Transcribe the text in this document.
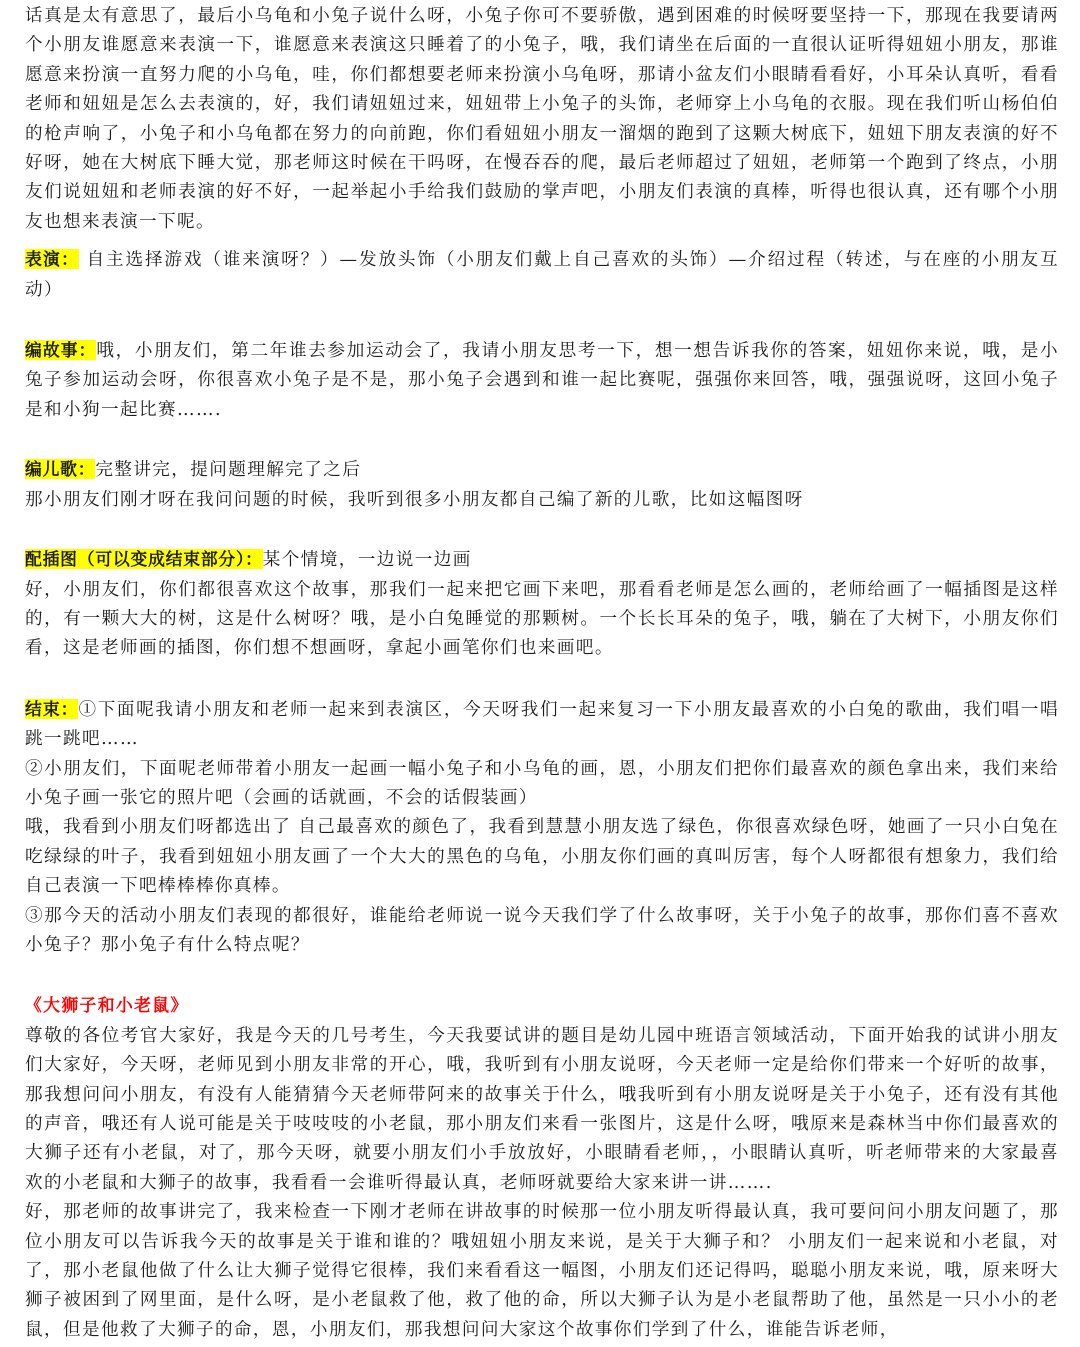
话真是太有意思了，最后小乌龟和小兔子说什么呀，小兔子你可不要骄傲，遇到困难的时候呀要坚持一下，那现在我要请两个小朋友谁愿意来表演一下，谁愿意来表演这只睡着了的小兔子，哦，我们请坐在后面的一直很认证听得妞妞小朋友，那谁愿意来扮演一直努力爬的小乌龟，哇，你们都想要老师来扮演小乌龟呀，那请小盆友们小眼睛看看好，小耳朵认真听，看看老师和妞妞是怎么去表演的，好，我们请妞妞过来，妞妞带上小兔子的头饰，老师穿上小乌龟的衣服。现在我们听山杨伯伯的枪声响了，小兔子和小乌龟都在努力的向前跑，你们看妞妞小朋友一溜烟的跑到了这颗大树底下，妞妞下朋友表演的好不好呀，她在大树底下睡大觉，那老师这时候在干吗呀，在慢吞吞的爬，最后老师超过了妞妞，老师第一个跑到了终点，小朋友们说妞妞和老师表演的好不好，一起举起小手给我们鼓励的掌声吧，小朋友们表演的真棒，听得也很认真，还有哪个小朋友也想来表演一下呢。

表演： 自主选择游戏（谁来演呀？）—发放头饰（小朋友们戴上自己喜欢的头饰）—介绍过程（转述，与在座的小朋友互动）

编故事：哦，小朋友们，第二年谁去参加运动会了，我请小朋友思考一下，想一想告诉我你的答案，妞妞你来说，哦，是小兔子参加运动会呀，你很喜欢小兔子是不是，那小兔子会遇到和谁一起比赛呢，强强你来回答，哦，强强说呀，这回小兔子是和小狗一起比赛…….

编儿歌：完整讲完，提问题理解完了之后

那小朋友们刚才呀在我问问题的时候，我听到很多小朋友都自己编了新的儿歌，比如这幅图呀

配插图（可以变成结束部分）：某个情境，一边说一边画

好，小朋友们，你们都很喜欢这个故事，那我们一起来把它画下来吧，那看看老师是怎么画的，老师给画了一幅插图是这样的，有一颗大大的树，这是什么树呀？哦，是小白兔睡觉的那颗树。一个长长耳朵的兔子，哦，躺在了大树下，小朋友你们看，这是老师画的插图，你们想不想画呀，拿起小画笔你们也来画吧。

结束：①下面呢我请小朋友和老师一起来到表演区，今天呀我们一起来复习一下小朋友最喜欢的小白兔的歌曲，我们唱一唱跳一跳吧……

②小朋友们，下面呢老师带着小朋友一起画一幅小兔子和小乌龟的画，恩，小朋友们把你们最喜欢的颜色拿出来，我们来给小兔子画一张它的照片吧（会画的话就画，不会的话假装画）

哦，我看到小朋友们呀都选出了 自己最喜欢的颜色了，我看到慧慧小朋友选了绿色，你很喜欢绿色呀，她画了一只小白兔在吃绿绿的叶子，我看到妞妞小朋友画了一个大大的黑色的乌龟，小朋友你们画的真叫厉害，每个人呀都很有想象力，我们给自己表演一下吧棒棒棒你真棒。

③那今天的活动小朋友们表现的都很好，谁能给老师说一说今天我们学了什么故事呀，关于小兔子的故事，那你们喜不喜欢小兔子？那小兔子有什么特点呢？

《大狮子和小老鼠》

尊敬的各位考官大家好，我是今天的几号考生，今天我要试讲的题目是幼儿园中班语言领域活动，下面开始我的试讲小朋友们大家好，今天呀，老师见到小朋友非常的开心，哦，我听到有小朋友说呀，今天老师一定是给你们带来一个好听的故事，那我想问问小朋友，有没有人能猜猜今天老师带阿来的故事关于什么，哦我听到有小朋友说呀是关于小兔子，还有没有其他的声音，哦还有人说可能是关于吱吱吱的小老鼠，那小朋友们来看一张图片，这是什么呀，哦原来是森林当中你们最喜欢的大狮子还有小老鼠，对了，那今天呀，就要小朋友们小手放放好，小眼睛看老师，，小眼睛认真听，听老师带来的大家最喜欢的小老鼠和大狮子的故事，我看看一会谁听得最认真，老师呀就要给大家来讲一讲…….

好，那老师的故事讲完了，我来检查一下刚才老师在讲故事的时候那一位小朋友听得最认真，我可要问问小朋友问题了，那位小朋友可以告诉我今天的故事是关于谁和谁的？哦妞妞小朋友来说，是关于大狮子和？ 小朋友们一起来说和小老鼠，对了，那小老鼠他做了什么让大狮子觉得它很棒，我们来看看这一幅图，小朋友们还记得吗，聪聪小朋友来说，哦，原来呀大狮子被困到了网里面，是什么呀，是小老鼠救了他，救了他的命，所以大狮子认为是小老鼠帮助了他，虽然是一只小小的老鼠，但是他救了大狮子的命，恩，小朋友们，那我想问问大家这个故事你们学到了什么，谁能告诉老师，
